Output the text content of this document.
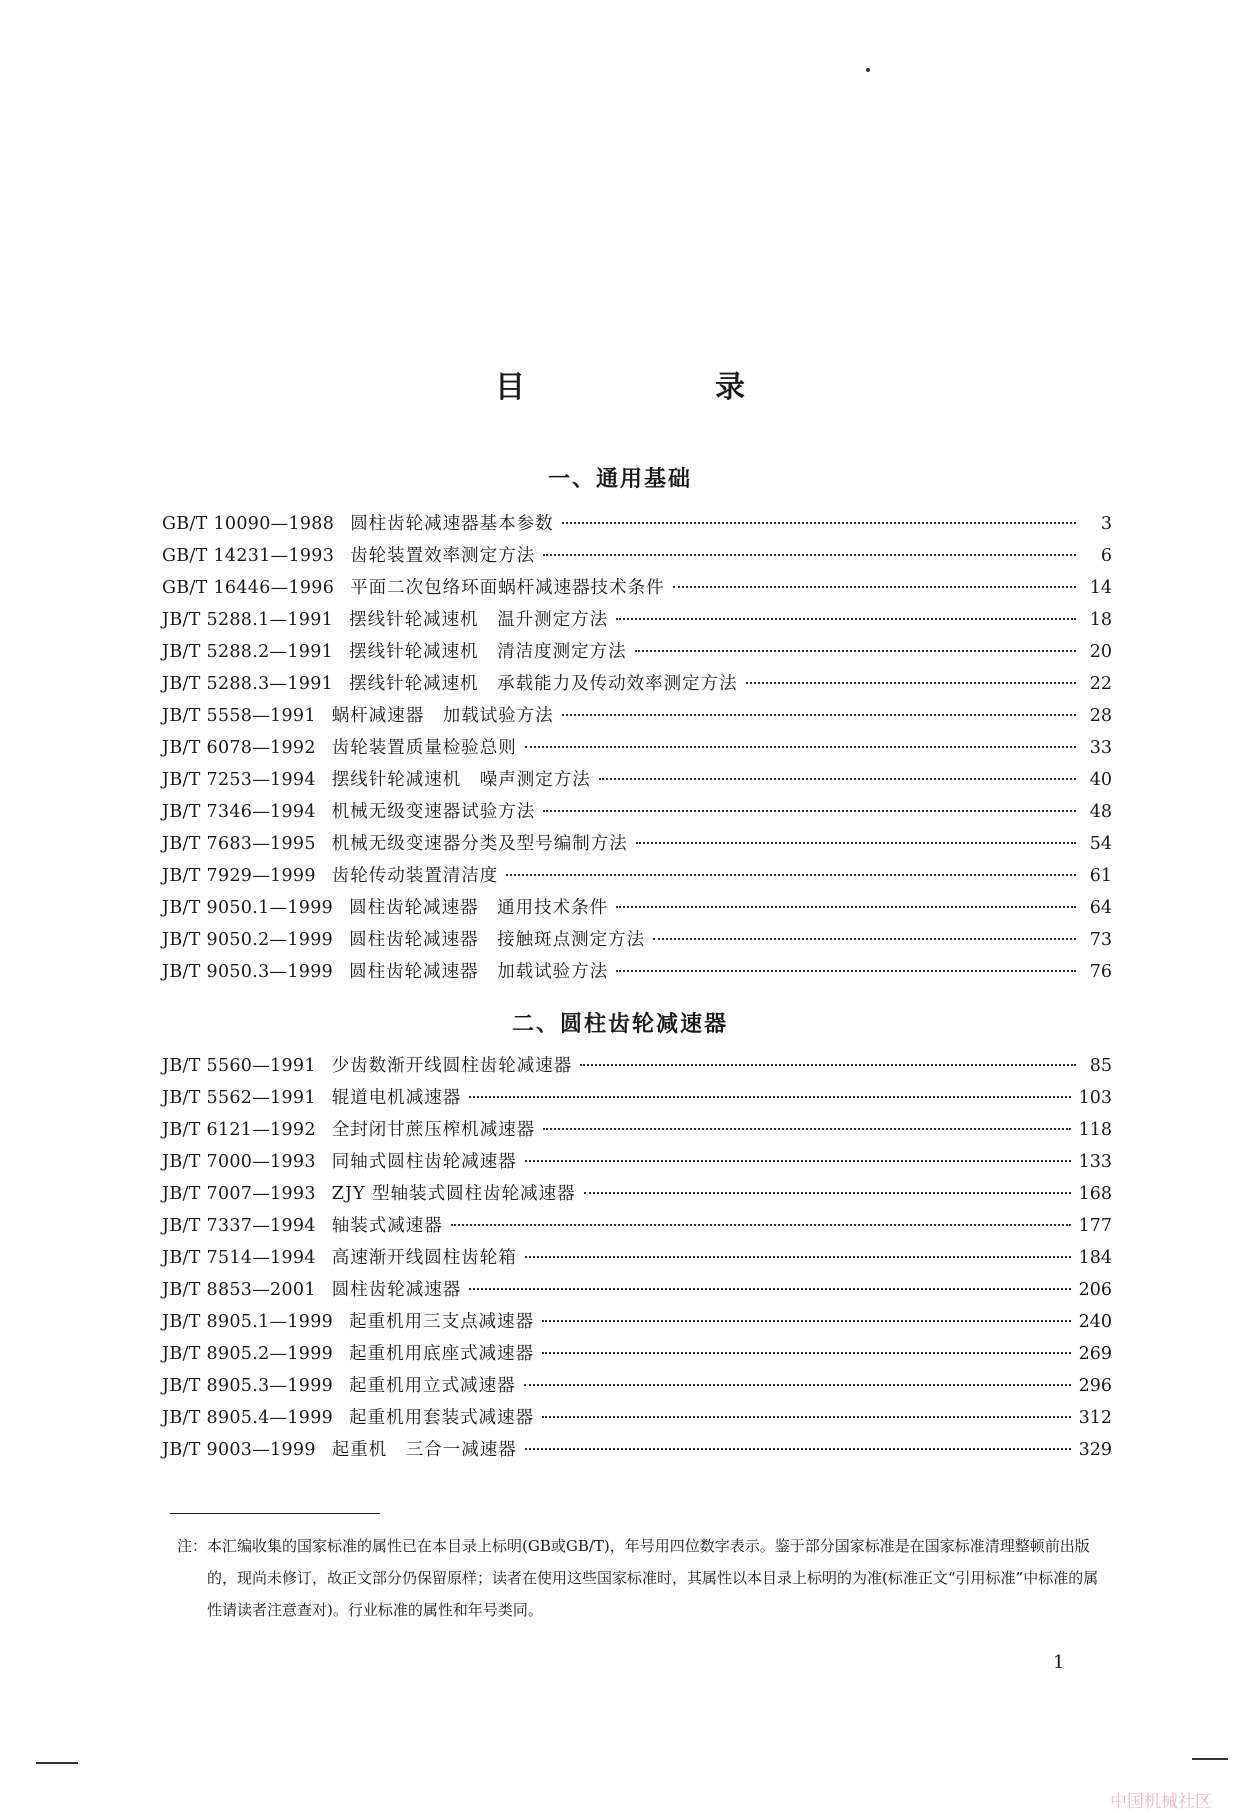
目　录
一、通用基础
GB/T 10090—1988 圆柱齿轮减速器基本参数	3
GB/T 14231—1993 齿轮装置效率测定方法	6
GB/T 16446—1996 平面二次包络环面蜗杆减速器技术条件	14
JB/T 5288.1—1991 摆线针轮减速机　温升测定方法	18
JB/T 5288.2—1991 摆线针轮减速机　清洁度测定方法	20
JB/T 5288.3—1991 摆线针轮减速机　承载能力及传动效率测定方法	22
JB/T 5558—1991 蜗杆减速器　加载试验方法	28
JB/T 6078—1992 齿轮装置质量检验总则	33
JB/T 7253—1994 摆线针轮减速机　噪声测定方法	40
JB/T 7346—1994 机械无级变速器试验方法	48
JB/T 7683—1995 机械无级变速器分类及型号编制方法	54
JB/T 7929—1999 齿轮传动装置清洁度	61
JB/T 9050.1—1999 圆柱齿轮减速器　通用技术条件	64
JB/T 9050.2—1999 圆柱齿轮减速器　接触斑点测定方法	73
JB/T 9050.3—1999 圆柱齿轮减速器　加载试验方法	76
二、圆柱齿轮减速器
JB/T 5560—1991 少齿数渐开线圆柱齿轮减速器	85
JB/T 5562—1991 辊道电机减速器	103
JB/T 6121—1992 全封闭甘蔗压榨机减速器	118
JB/T 7000—1993 同轴式圆柱齿轮减速器	133
JB/T 7007—1993 ZJY 型轴装式圆柱齿轮减速器	168
JB/T 7337—1994 轴装式减速器	177
JB/T 7514—1994 高速渐开线圆柱齿轮箱	184
JB/T 8853—2001 圆柱齿轮减速器	206
JB/T 8905.1—1999 起重机用三支点减速器	240
JB/T 8905.2—1999 起重机用底座式减速器	269
JB/T 8905.3—1999 起重机用立式减速器	296
JB/T 8905.4—1999 起重机用套装式减速器	312
JB/T 9003—1999 起重机　三合一减速器	329
注：本汇编收集的国家标准的属性已在本目录上标明(GB或GB/T)，年号用四位数字表示。鉴于部分国家标准是在国家标准清理整顿前出版的，现尚未修订，故正文部分仍保留原样；读者在使用这些国家标准时，其属性以本目录上标明的为准(标准正文“引用标准”中标准的属性请读者注意查对)。行业标准的属性和年号类同。
1
中国机械社区
